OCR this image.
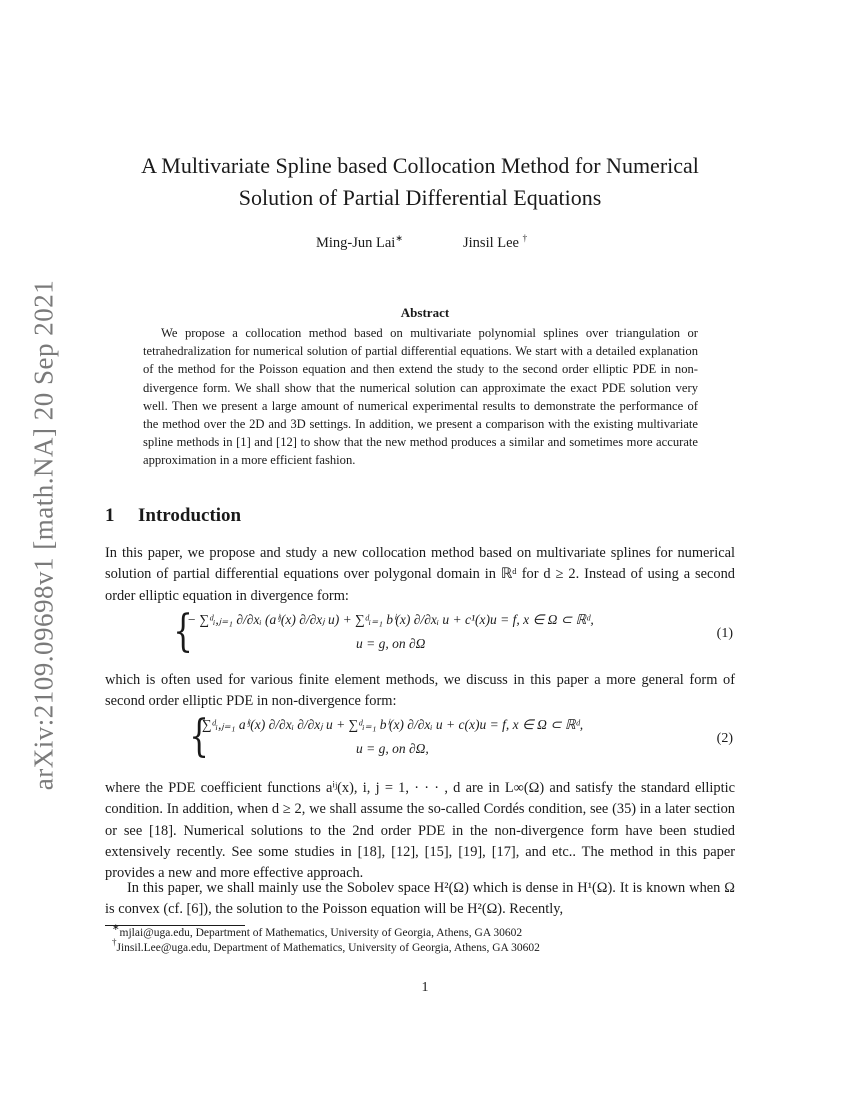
arXiv:2109.09698v1 [math.NA] 20 Sep 2021
A Multivariate Spline based Collocation Method for Numerical Solution of Partial Differential Equations
Ming-Jun Lai∗	Jinsil Lee †
Abstract
We propose a collocation method based on multivariate polynomial splines over triangulation or tetrahedralization for numerical solution of partial differential equations. We start with a detailed explanation of the method for the Poisson equation and then extend the study to the second order elliptic PDE in non-divergence form. We shall show that the numerical solution can approximate the exact PDE solution very well. Then we present a large amount of numerical experimental results to demonstrate the performance of the method over the 2D and 3D settings. In addition, we present a comparison with the existing multivariate spline methods in [1] and [12] to show that the new method produces a similar and sometimes more accurate approximation in a more efficient fashion.
1 Introduction
In this paper, we propose and study a new collocation method based on multivariate splines for numerical solution of partial differential equations over polygonal domain in ℝᵈ for d ≥ 2. Instead of using a second order elliptic equation in divergence form:
{
− ∑ᵈᵢ,ⱼ₌₁ ∂/∂xᵢ (aⁱʲ(x) ∂/∂xⱼ u) + ∑ᵈᵢ₌₁ bⁱ(x) ∂/∂xᵢ u + c¹(x)u = f, x ∈ Ω ⊂ ℝᵈ,
u = g, on ∂Ω
(1)
which is often used for various finite element methods, we discuss in this paper a more general form of second order elliptic PDE in non-divergence form:
{
∑ᵈᵢ,ⱼ₌₁ aⁱʲ(x) ∂/∂xᵢ ∂/∂xⱼ u + ∑ᵈᵢ₌₁ bⁱ(x) ∂/∂xᵢ u + c(x)u = f, x ∈ Ω ⊂ ℝᵈ,
u = g, on ∂Ω,
(2)
where the PDE coefficient functions aⁱʲ(x), i, j = 1, · · · , d are in L∞(Ω) and satisfy the standard elliptic condition. In addition, when d ≥ 2, we shall assume the so-called Cordés condition, see (35) in a later section or see [18]. Numerical solutions to the 2nd order PDE in the non-divergence form have been studied extensively recently. See some studies in [18], [12], [15], [19], [17], and etc.. The method in this paper provides a new and more effective approach.
In this paper, we shall mainly use the Sobolev space H²(Ω) which is dense in H¹(Ω). It is known when Ω is convex (cf. [6]), the solution to the Poisson equation will be H²(Ω). Recently,
∗mjlai@uga.edu, Department of Mathematics, University of Georgia, Athens, GA 30602
†Jinsil.Lee@uga.edu, Department of Mathematics, University of Georgia, Athens, GA 30602
1
